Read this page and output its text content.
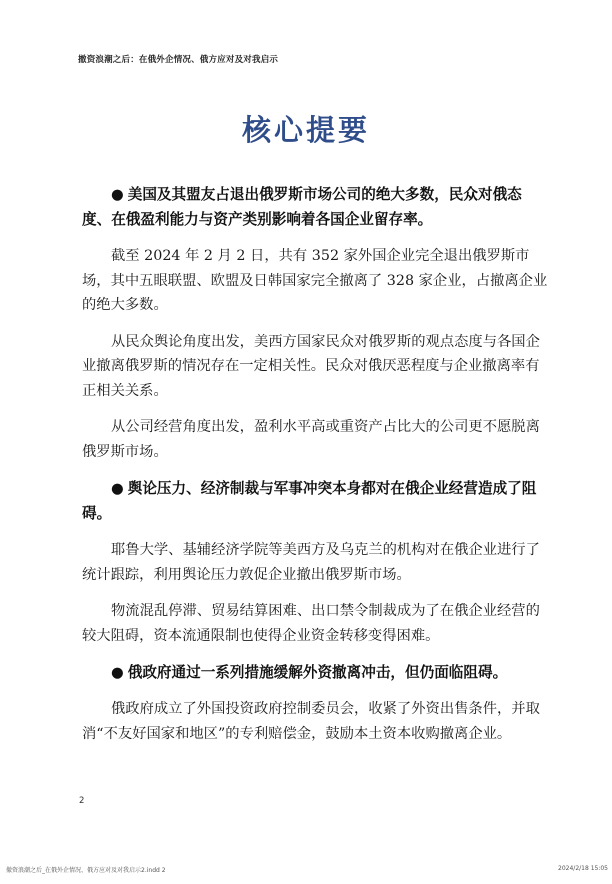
撤资浪潮之后：在俄外企情况、俄方应对及对我启示
核心提要

● 美国及其盟友占退出俄罗斯市场公司的绝大多数，民众对俄态度、在俄盈利能力与资产类别影响着各国企业留存率。

截至 2024 年 2 月 2 日，共有 352 家外国企业完全退出俄罗斯市场，其中五眼联盟、欧盟及日韩国家完全撤离了 328 家企业，占撤离企业的绝大多数。

从民众舆论角度出发，美西方国家民众对俄罗斯的观点态度与各国企业撤离俄罗斯的情况存在一定相关性。民众对俄厌恶程度与企业撤离率有正相关关系。

从公司经营角度出发，盈利水平高或重资产占比大的公司更不愿脱离俄罗斯市场。

● 舆论压力、经济制裁与军事冲突本身都对在俄企业经营造成了阻碍。

耶鲁大学、基辅经济学院等美西方及乌克兰的机构对在俄企业进行了统计跟踪，利用舆论压力敦促企业撤出俄罗斯市场。

物流混乱停滞、贸易结算困难、出口禁令制裁成为了在俄企业经营的较大阻碍，资本流通限制也使得企业资金转移变得困难。

● 俄政府通过一系列措施缓解外资撤离冲击，但仍面临阻碍。

俄政府成立了外国投资政府控制委员会，收紧了外资出售条件，并取消“不友好国家和地区”的专利赔偿金，鼓励本土资本收购撤离企业。

2
撤资浪潮之后_在俄外企情况、俄方应对及对我启示2.indd 2	2024/2/18 15:05
